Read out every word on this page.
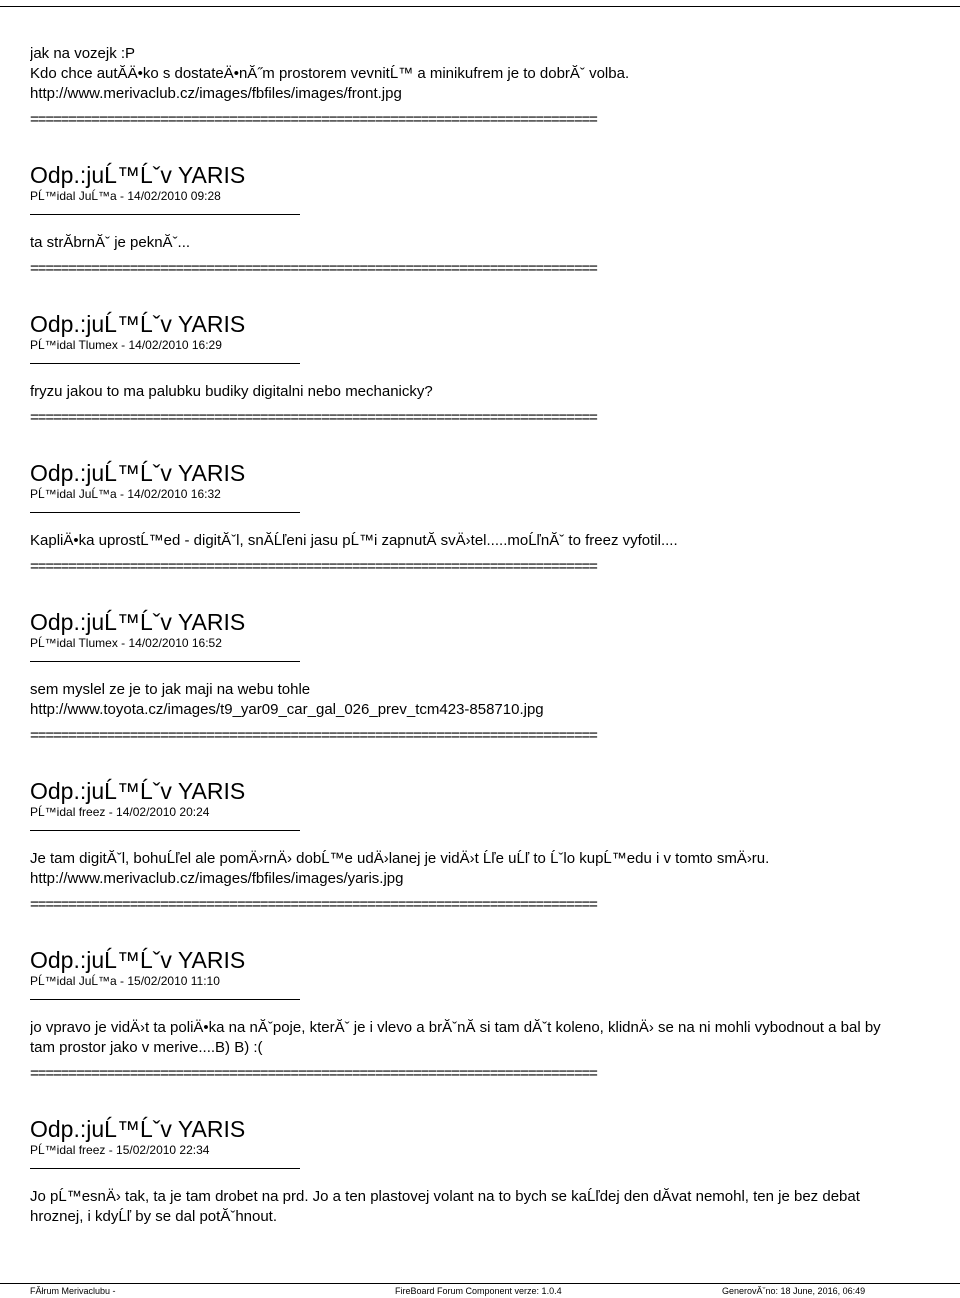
jak na vozejk :P
Kdo chce autĂÄ•ko s dostateÄ•nĂ˝m prostorem vevnitĹ™ a minikufrem je to dobrĂˇ volba.
http://www.merivaclub.cz/images/fbfiles/images/front.jpg
==========================================================================
Odp.:juĹ™Ĺˇv YARIS
PĹ™idal JuĹ™a - 14/02/2010 09:28
ta strĂbrnĂˇ je peknĂˇ...
==========================================================================
Odp.:juĹ™Ĺˇv YARIS
PĹ™idal Tlumex - 14/02/2010 16:29
fryzu jakou to ma palubku budiky digitalni nebo mechanicky?
==========================================================================
Odp.:juĹ™Ĺˇv YARIS
PĹ™idal JuĹ™a - 14/02/2010 16:32
KapliÄ•ka uprostĹ™ed - digitĂˇl, snĂĹľeni jasu pĹ™i zapnutĂ svÄ›tel.....moĹľnĂˇ to freez vyfotil....
==========================================================================
Odp.:juĹ™Ĺˇv YARIS
PĹ™idal Tlumex - 14/02/2010 16:52
sem myslel ze je to jak maji na webu tohle
http://www.toyota.cz/images/t9_yar09_car_gal_026_prev_tcm423-858710.jpg
==========================================================================
Odp.:juĹ™Ĺˇv YARIS
PĹ™idal freez - 14/02/2010 20:24
Je tam digitĂˇl, bohuĹľel ale pomÄ›rnÄ› dobĹ™e udÄ›lanej je vidÄ›t Ĺľe uĹľ to Ĺˇlo kupĹ™edu i v tomto smÄ›ru.
http://www.merivaclub.cz/images/fbfiles/images/yaris.jpg
==========================================================================
Odp.:juĹ™Ĺˇv YARIS
PĹ™idal JuĹ™a - 15/02/2010 11:10
jo vpravo je vidÄ›t ta poliÄ•ka na nĂˇpoje, kterĂˇ je i vlevo a brĂˇnĂ si tam dĂˇt koleno, klidnÄ› se na ni mohli vybodnout a bal by
tam prostor jako v merive....B) B) :(
==========================================================================
Odp.:juĹ™Ĺˇv YARIS
PĹ™idal freez - 15/02/2010 22:34
Jo pĹ™esnÄ› tak, ta je tam drobet na prd. Jo a ten plastovej volant na to bych se kaĹľdej den dĂvat nemohl, ten je bez debat
hroznej, i kdyĹľ by se dal potĂˇhnout.
FĂłrum Merivaclubu -	FireBoard Forum Component verze: 1.0.4	GenerovĂˇno: 18 June, 2016, 06:49
